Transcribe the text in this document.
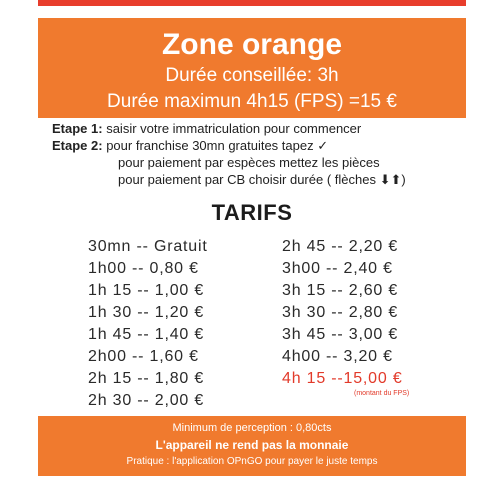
Zone orange
Durée conseillée: 3h
Durée maximun 4h15 (FPS) =15 €
Etape 1: saisir votre immatriculation pour commencer
Etape 2: pour franchise 30mn gratuites tapez ✓
pour paiement par espèces mettez les pièces
pour paiement par CB choisir durée ( flèches ⬇⬆)
TARIFS
30mn -- Gratuit
1h00 -- 0,80 €
1h 15 -- 1,00 €
1h 30 -- 1,20 €
1h 45 -- 1,40 €
2h00 -- 1,60 €
2h 15 -- 1,80 €
2h 30 -- 2,00 €
2h 45 -- 2,20 €
3h00 -- 2,40 €
3h 15 -- 2,60 €
3h 30 -- 2,80 €
3h 45 -- 3,00 €
4h00 -- 3,20 €
4h 15 --15,00 €
(montant du FPS)
Minimum de perception : 0,80cts
L'appareil ne rend pas la monnaie
Pratique : l'application OPnGO pour payer le juste temps
